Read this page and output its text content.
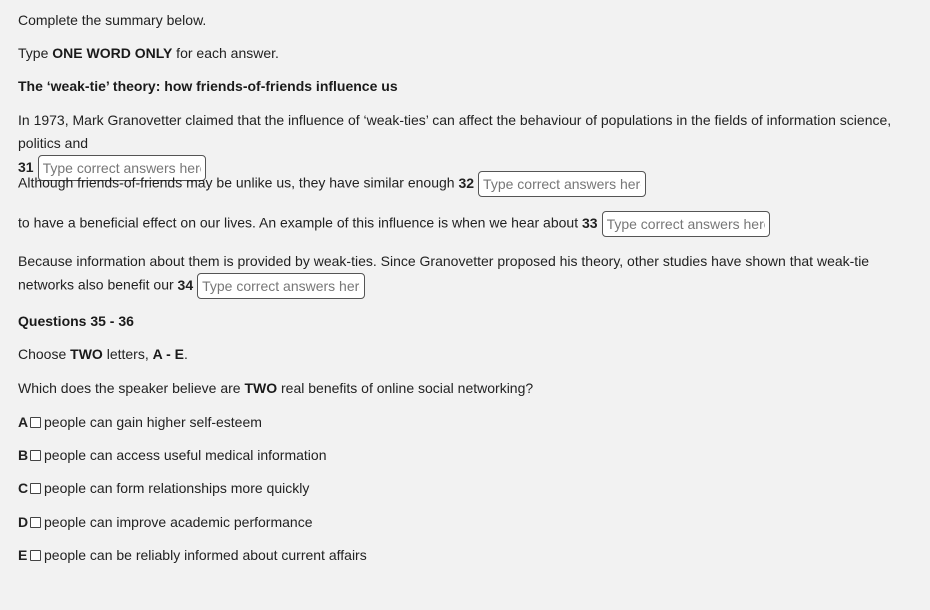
Complete the summary below.
Type ONE WORD ONLY for each answer.
The ‘weak-tie’ theory: how friends-of-friends influence us
In 1973, Mark Granovetter claimed that the influence of ‘weak-ties’ can affect the behaviour of populations in the fields of information science, politics and
31Type correct answers here.
Although friends-of-friends may be unlike us, they have similar enough 32Type correct answers here.
to have a beneficial effect on our lives. An example of this influence is when we hear about 33Type correct answers here.
Because information about them is provided by weak-ties. Since Granovetter proposed his theory, other studies have shown that weak-tie networks also benefit our 34Type correct answers here.
Questions 35 - 36
Choose TWO letters, A - E.
Which does the speaker believe are TWO real benefits of online social networking?
A people can gain higher self-esteem
B people can access useful medical information
C people can form relationships more quickly
D people can improve academic performance
E people can be reliably informed about current affairs
